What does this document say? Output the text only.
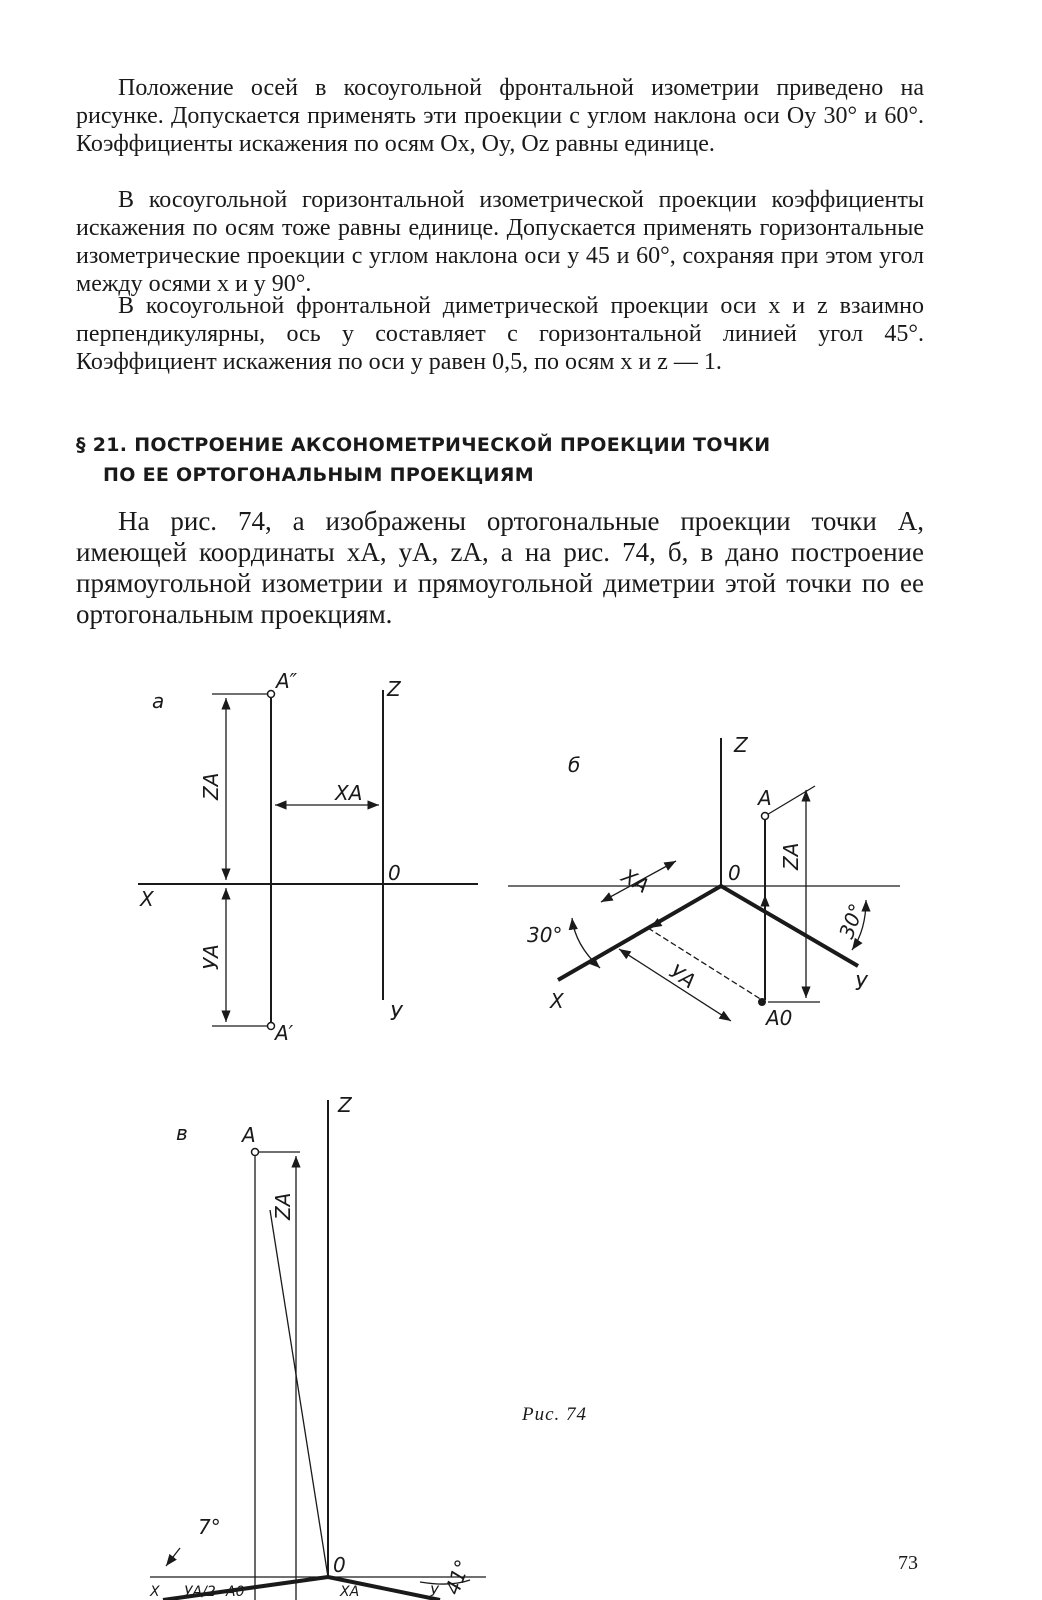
Положение осей в косоугольной фронтальной изометрии приведено на рисунке. Допускается применять эти проекции с углом наклона оси Oy 30° и 60°. Коэффициенты искажения по осям Ox, Oy, Oz равны единице.

В косоугольной горизонтальной изометрической проекции коэффициенты искажения по осям тоже равны единице. Допускается применять горизонтальные изометрические проекции с углом наклона оси y 45 и 60°, сохраняя при этом угол между осями x и y 90°.

В косоугольной фронтальной диметрической проекции оси x и z взаимно перпендикулярны, ось y составляет с горизонтальной линией угол 45°. Коэффициент искажения по оси y равен 0,5, по осям x и z — 1.

§ 21. ПОСТРОЕНИЕ АКСОНОМЕТРИЧЕСКОЙ ПРОЕКЦИИ ТОЧКИ
ПО ЕЕ ОРТОГОНАЛЬНЫМ ПРОЕКЦИЯМ

На рис. 74, а изображены ортогональные проекции точки A, имеющей координаты xA, yA, zA, а на рис. 74, б, в дано построение прямоугольной изометрии и прямоугольной диметрии этой точки по ее ортогональным проекциям.

а
A″
A′
Z
X
У
0
XA
ZA
УA
б
Z
0
A
A0
X
У
XA
УA
ZA
30°	30°
в	A
Z
0
ZA
7°
41°
X	A0	XA
УA/2	У
Рис. 74
73
